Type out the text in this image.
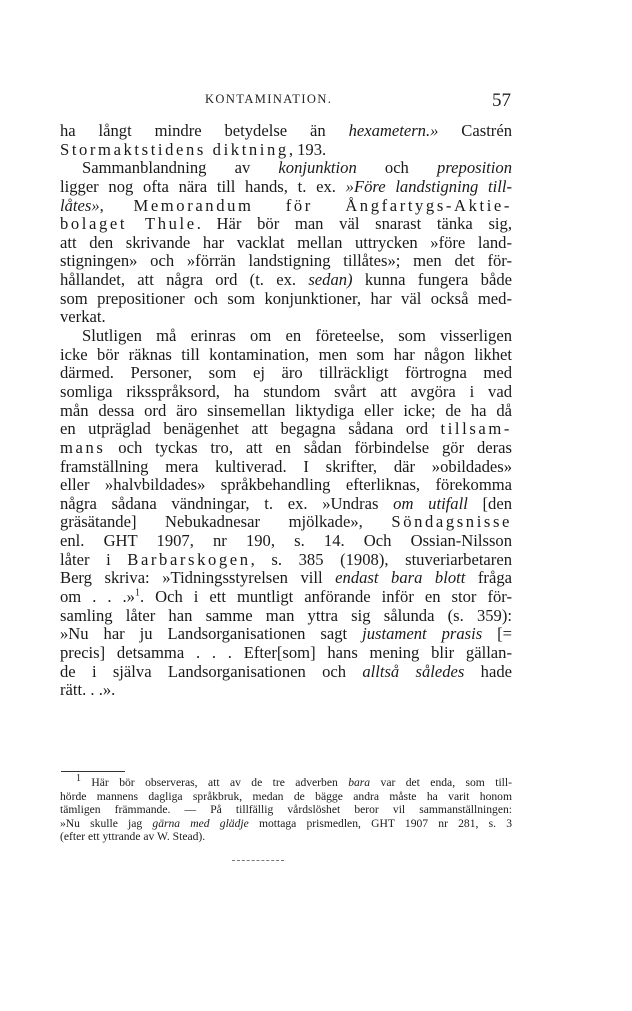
KONTAMINATION.	57
ha långt mindre betydelse än hexametern.» Castrén
Stormaktstidens diktning, 193.
Sammanblandning av konjunktion och preposition
ligger nog ofta nära till hands, t. ex. »Före landstigning till-
låtes», Memorandum för Ångfartygs-Aktie-
bolaget Thule. Här bör man väl snarast tänka sig,
att den skrivande har vacklat mellan uttrycken »före land-
stigningen» och »förrän landstigning tillåtes»; men det för-
hållandet, att några ord (t. ex. sedan) kunna fungera både
som prepositioner och som konjunktioner, har väl också med-
verkat.
Slutligen må erinras om en företeelse, som visserligen
icke bör räknas till kontamination, men som har någon likhet
därmed. Personer, som ej äro tillräckligt förtrogna med
somliga riksspråksord, ha stundom svårt att avgöra i vad
mån dessa ord äro sinsemellan liktydiga eller icke; de ha då
en utpräglad benägenhet att begagna sådana ord tillsam-
mans och tyckas tro, att en sådan förbindelse gör deras
framställning mera kultiverad. I skrifter, där »obildades»
eller »halvbildades» språkbehandling efterliknas, förekomma
några sådana vändningar, t. ex. »Undras om utifall [den
gräsätande] Nebukadnesar mjölkade», Söndagsnisse
enl. GHT 1907, nr 190, s. 14. Och Ossian-Nilsson
låter i Barbarskogen, s. 385 (1908), stuveriarbetaren
Berg skriva: »Tidningsstyrelsen vill endast bara blott fråga
om . . .»$^1$. Och i ett muntligt anförande inför en stor för-
samling låter han samme man yttra sig sålunda (s. 359):
»Nu har ju Landsorganisationen sagt justament prasis [=
precis] detsamma . . . Efter[som] hans mening blir gällan-
de i själva Landsorganisationen och alltså således hade
rätt. . .».
$^1$ Här bör observeras, att av de tre adverben bara var det enda, som till-
hörde mannens dagliga språkbruk, medan de bägge andra måste ha varit honom
tämligen främmande. — På tillfällig vårdslöshet beror vil sammanställningen:
»Nu skulle jag gärna med glädje mottaga prismedlen, GHT 1907 nr 281, s. 3
(efter ett yttrande av W. Stead).
